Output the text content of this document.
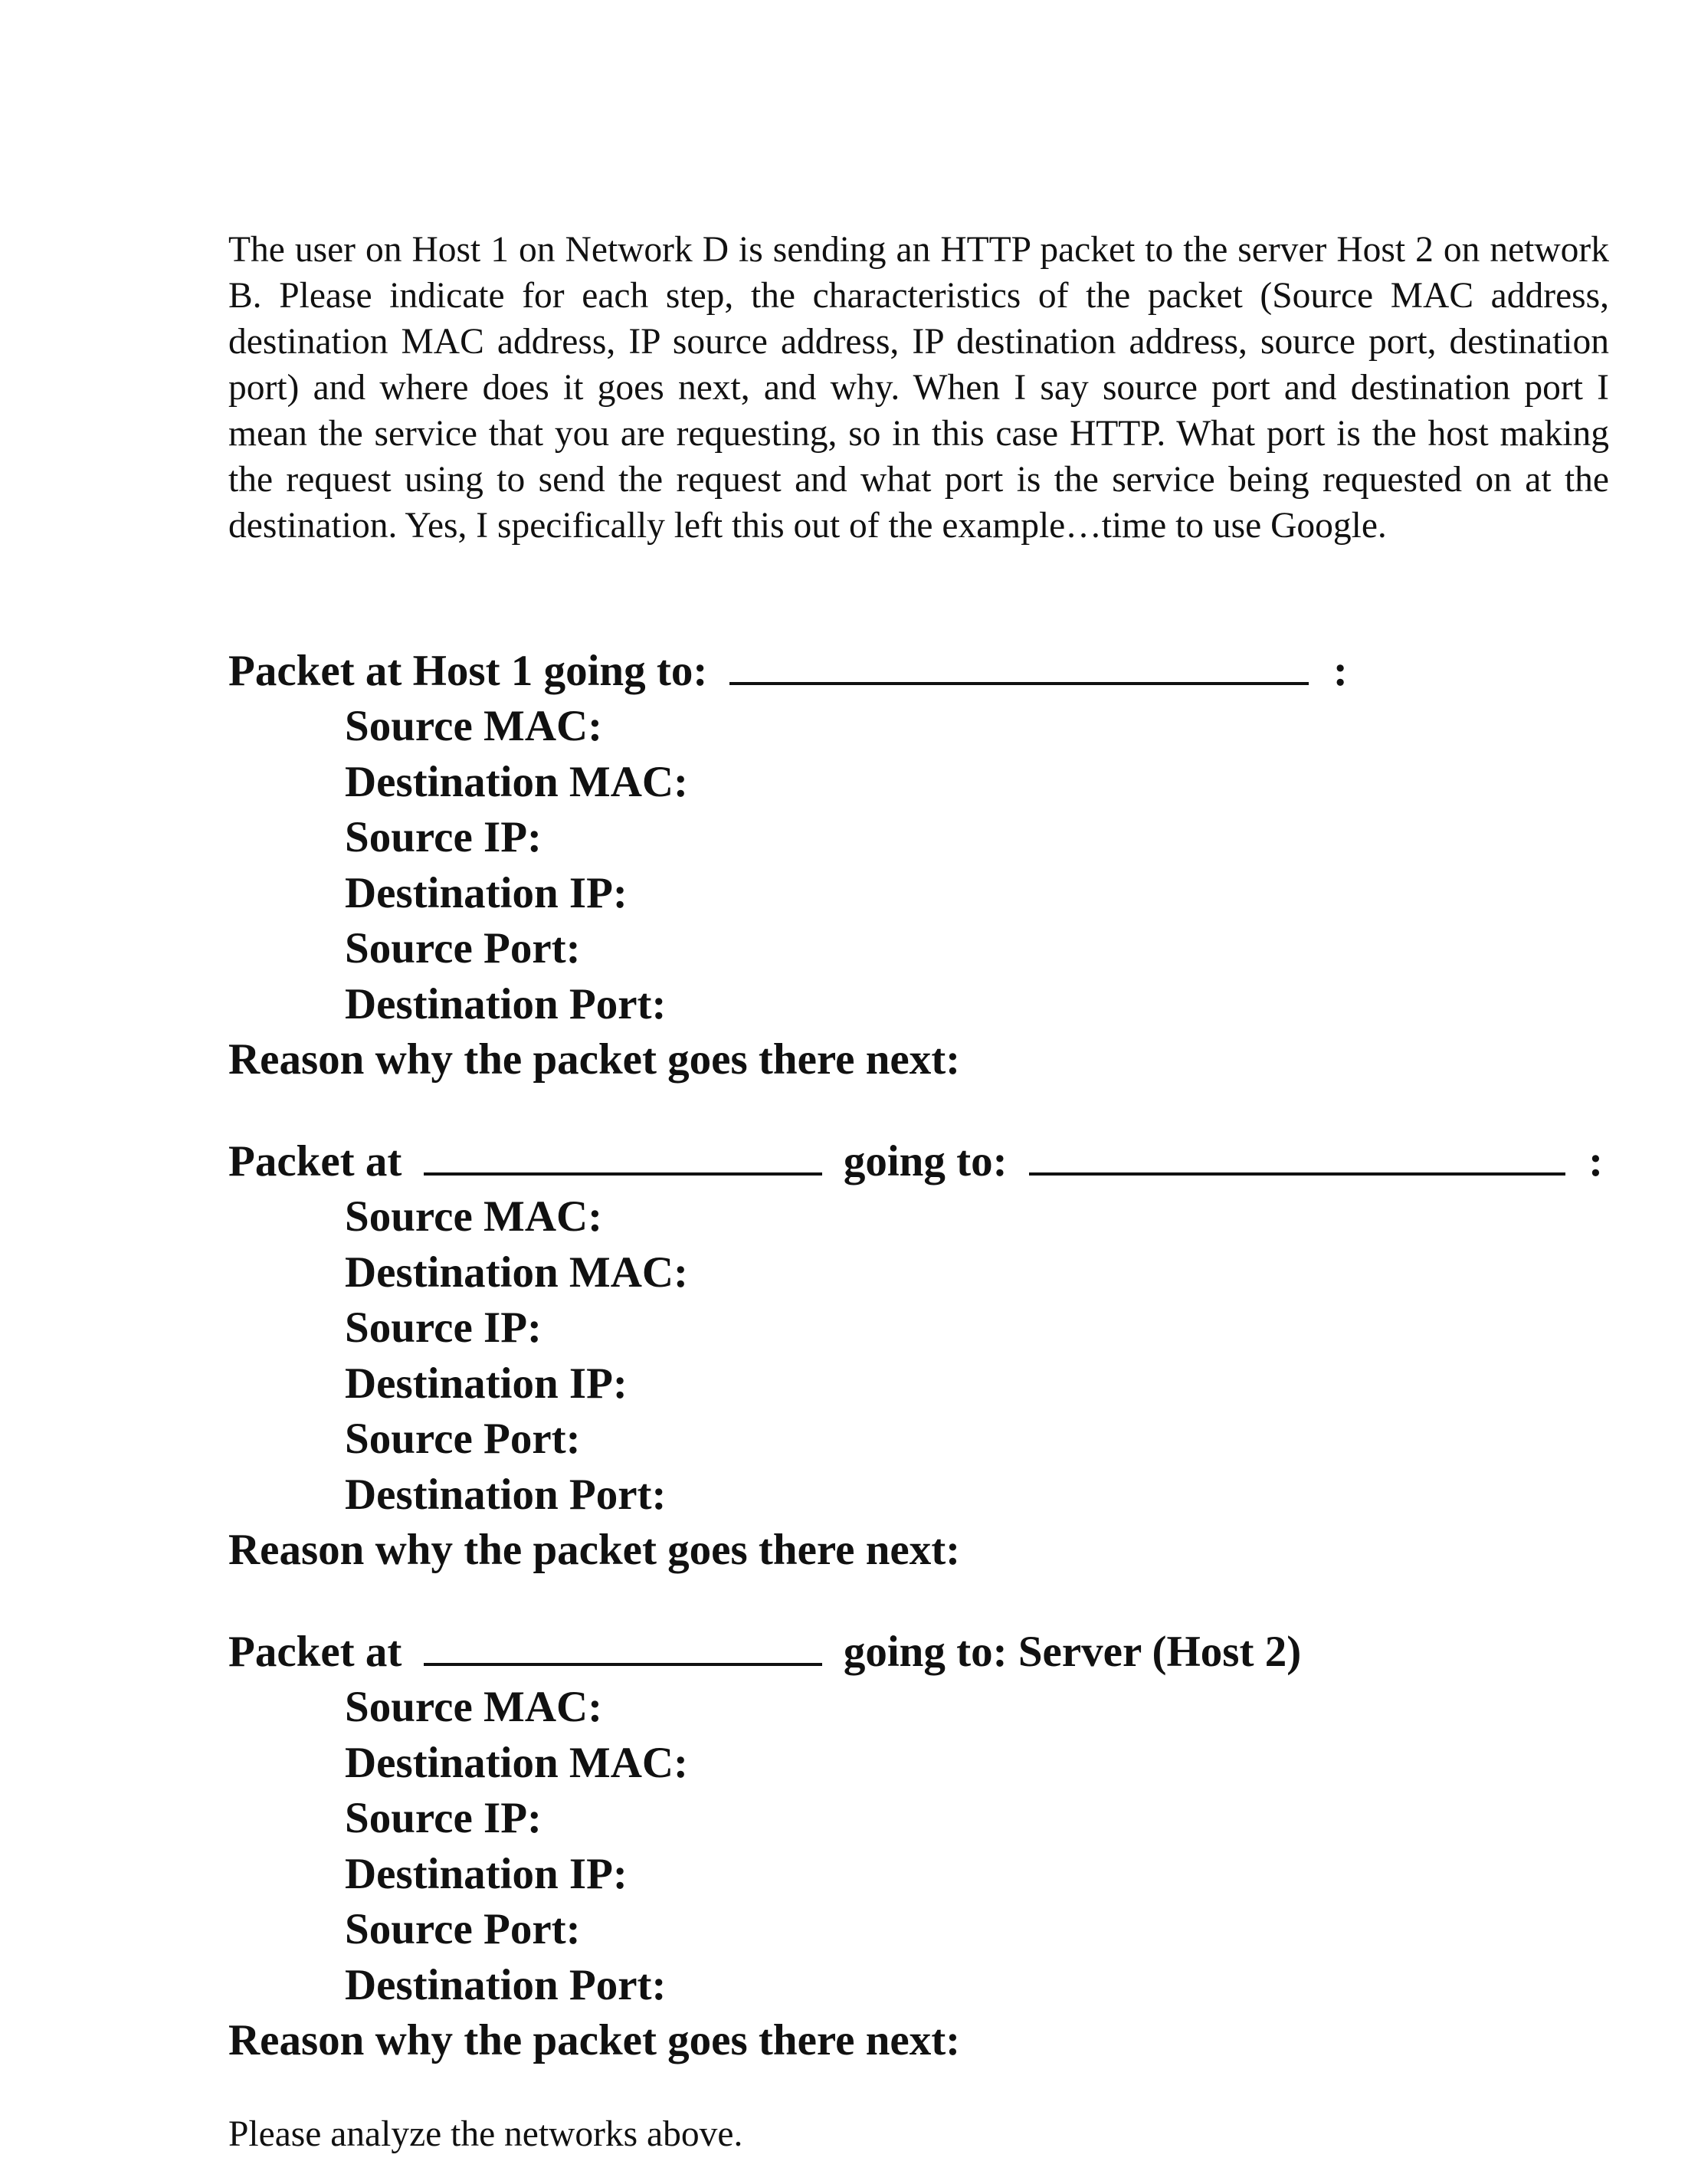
The user on Host 1 on Network D is sending an HTTP packet to the server Host 2 on network B. Please indicate for each step, the characteristics of the packet (Source MAC address, destination MAC address, IP source address, IP destination address, source port, destination port) and where does it goes next, and why. When I say source port and destination port I mean the service that you are requesting, so in this case HTTP. What port is the host making the request using to send the request and what port is the service being requested on at the destination. Yes, I specifically left this out of the example…time to use Google.

Packet at Host 1 going to:	:
Source MAC:
Destination MAC:
Source IP:
Destination IP:
Source Port:
Destination Port:
Reason why the packet goes there next:
Packet at	going to:	:
Source MAC:
Destination MAC:
Source IP:
Destination IP:
Source Port:
Destination Port:
Reason why the packet goes there next:
Packet at	going to: Server (Host 2)
Source MAC:
Destination MAC:
Source IP:
Destination IP:
Source Port:
Destination Port:
Reason why the packet goes there next:

Please analyze the networks above.
